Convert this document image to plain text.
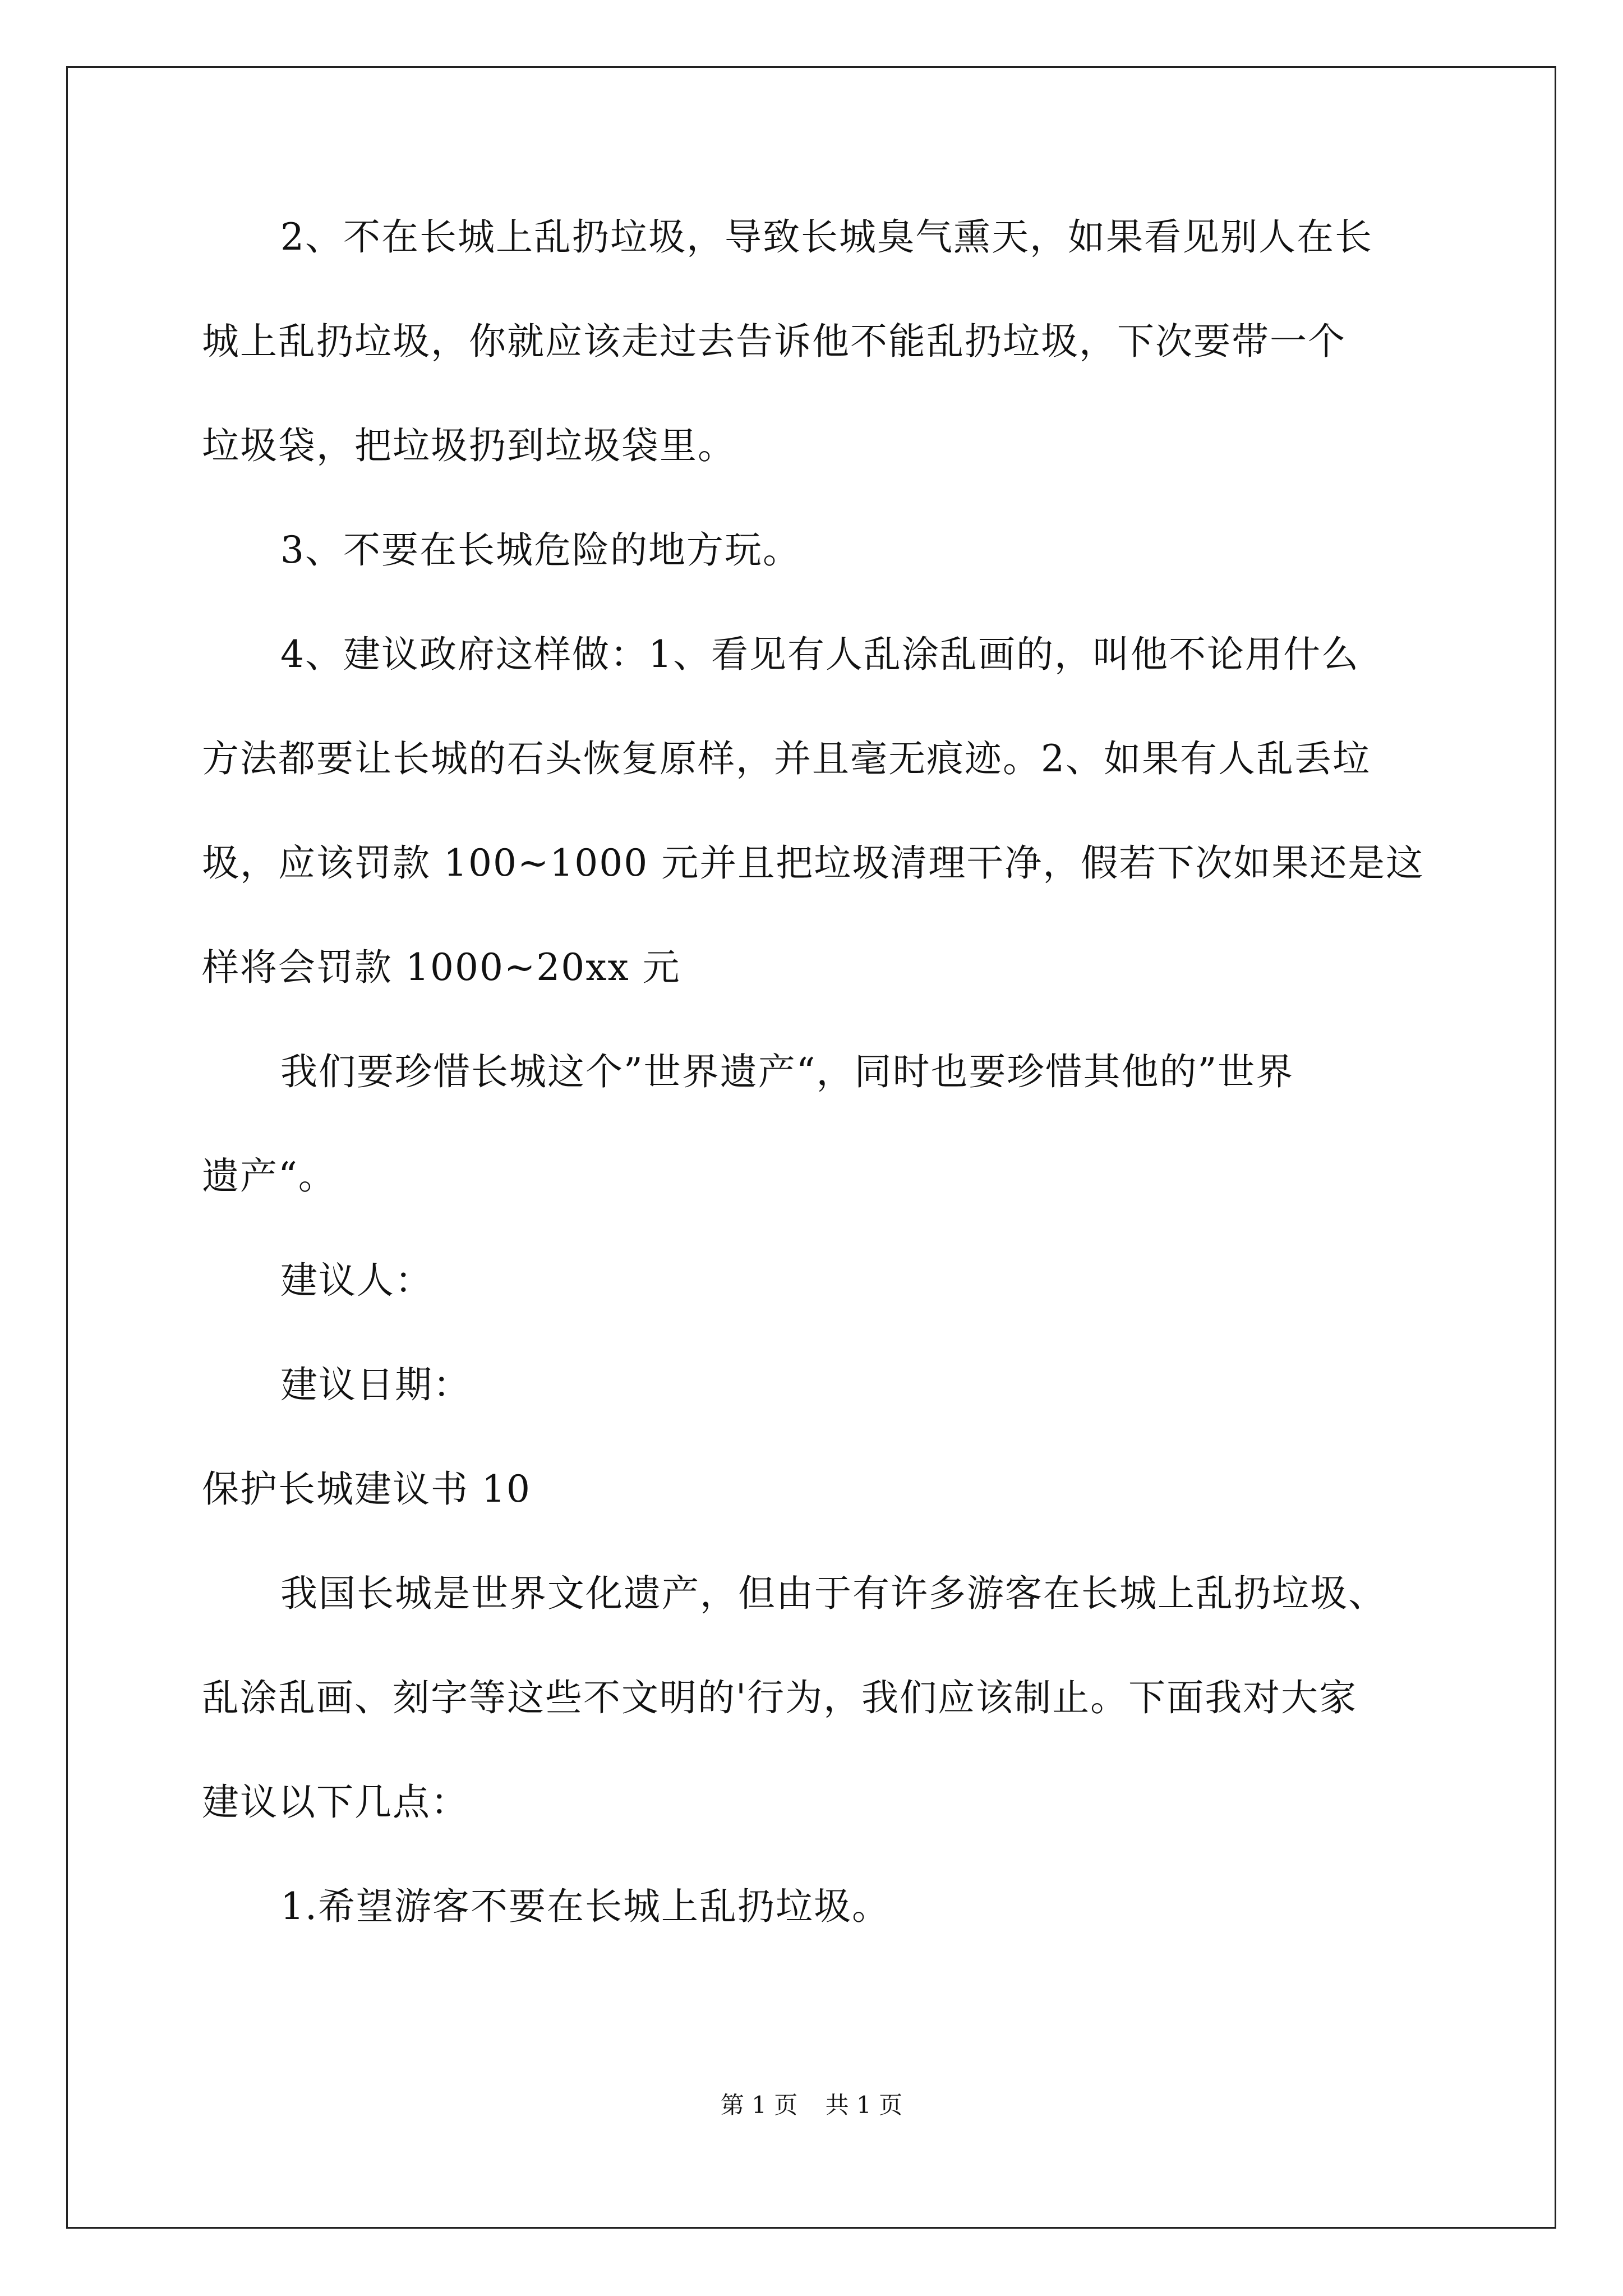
2、不在长城上乱扔垃圾，导致长城臭气熏天，如果看见别人在长
城上乱扔垃圾，你就应该走过去告诉他不能乱扔垃圾，下次要带一个
垃圾袋，把垃圾扔到垃圾袋里。

3、不要在长城危险的地方玩。

4、建议政府这样做：1、看见有人乱涂乱画的，叫他不论用什么
方法都要让长城的石头恢复原样，并且毫无痕迹。2、如果有人乱丢垃
圾，应该罚款 100~1000 元并且把垃圾清理干净，假若下次如果还是这
样将会罚款 1000~20xx 元

我们要珍惜长城这个”世界遗产“，同时也要珍惜其他的”世界
遗产“。

建议人：

建议日期：

保护长城建议书 10

我国长城是世界文化遗产，但由于有许多游客在长城上乱扔垃圾、
乱涂乱画、刻字等这些不文明的'行为，我们应该制止。下面我对大家
建议以下几点：

1.希望游客不要在长城上乱扔垃圾。

第 1 页 共 1 页
